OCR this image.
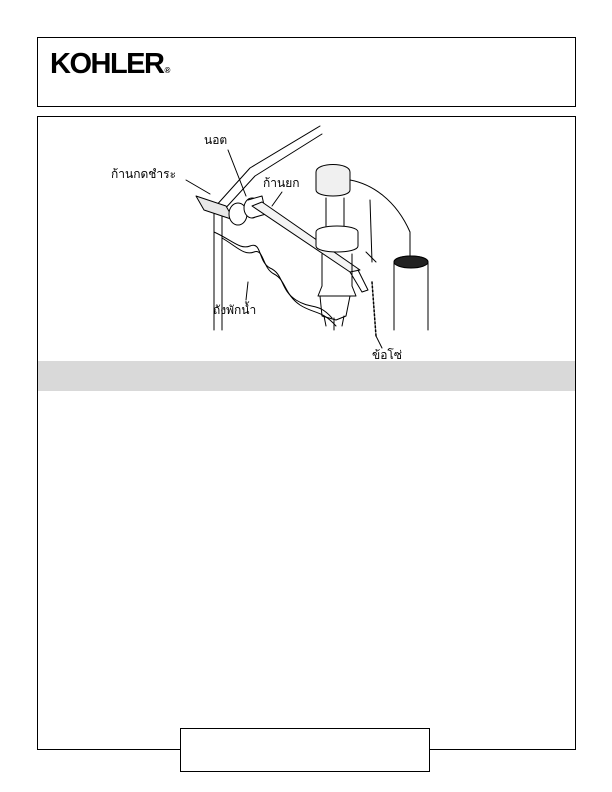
KOHLER®
นอต
ก้านกดชำระ
ก้านยก
ถังพักน้ำ
ข้อโซ่
